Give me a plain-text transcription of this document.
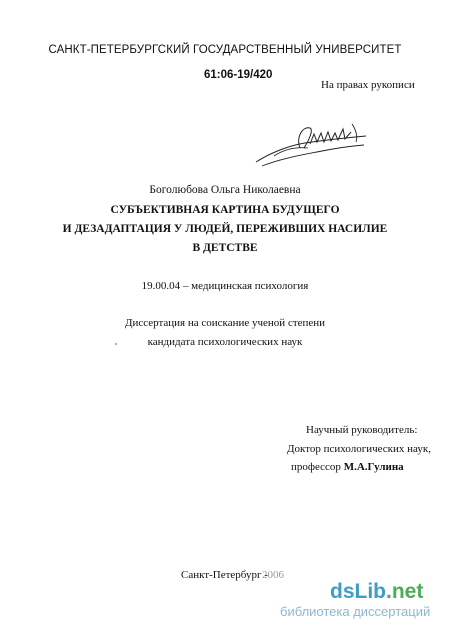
САНКТ-ПЕТЕРБУРГСКИЙ ГОСУДАРСТВЕННЫЙ УНИВЕРСИТЕТ
61:06-19/420
На правах рукописи
Боголюбова Ольга Николаевна
СУБЪЕКТИВНАЯ КАРТИНА БУДУЩЕГО
И ДЕЗАДАПТАЦИЯ У ЛЮДЕЙ, ПЕРЕЖИВШИХ НАСИЛИЕ
В ДЕТСТВЕ
19.00.04 – медицинская психология
Диссертация на соискание ученой степени
кандидата психологических наук
Научный руководитель:
Доктор психологических наук,
профессор М.А.Гулина
Санкт-Петербург -
2006
dsLib.net
библиотека диссертаций
